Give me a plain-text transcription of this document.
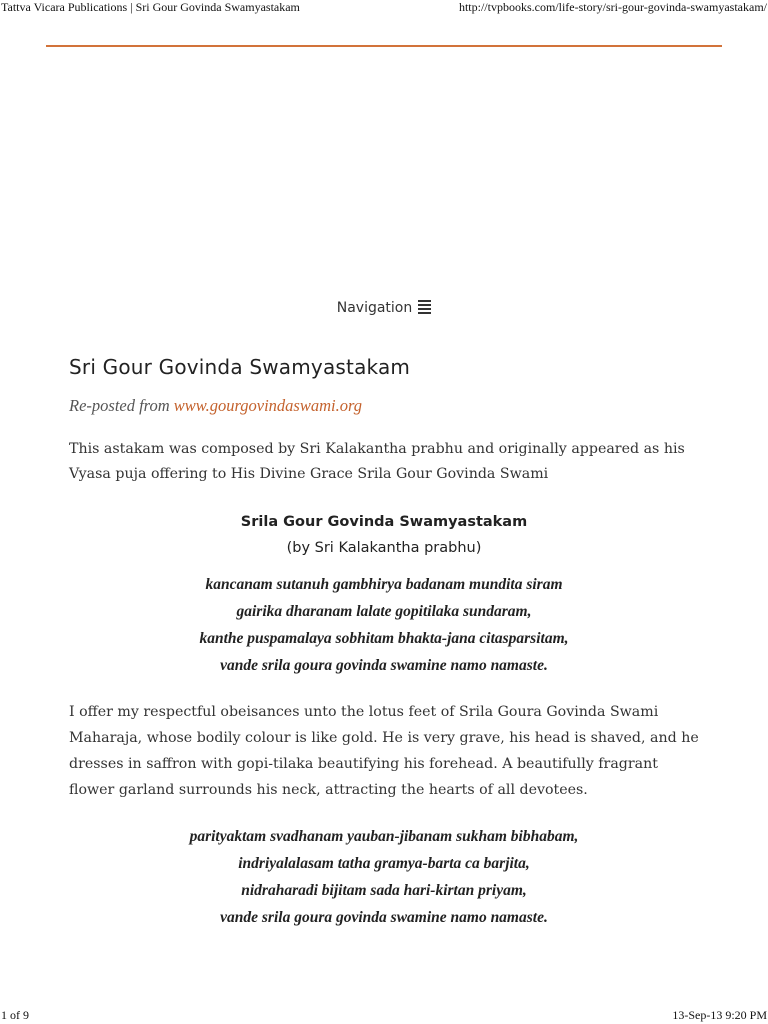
Tattva Vicara Publications | Sri Gour Govinda Swamyastakam	http://tvpbooks.com/life-story/sri-gour-govinda-swamyastakam/
Navigation
Sri Gour Govinda Swamyastakam
Re-posted from www.gourgovindaswami.org
This astakam was composed by Sri Kalakantha prabhu and originally appeared as his Vyasa puja offering to His Divine Grace Srila Gour Govinda Swami
Srila Gour Govinda Swamyastakam
(by Sri Kalakantha prabhu)
kancanam sutanuh gambhirya badanam mundita siram
gairika dharanam lalate gopitilaka sundaram,
kanthe puspamalaya sobhitam bhakta-jana citasparsitam,
vande srila goura govinda swamine namo namaste.
I offer my respectful obeisances unto the lotus feet of Srila Goura Govinda Swami Maharaja, whose bodily colour is like gold. He is very grave, his head is shaved, and he dresses in saffron with gopi-tilaka beautifying his forehead. A beautifully fragrant flower garland surrounds his neck, attracting the hearts of all devotees.
parityaktam svadhanam yauban-jibanam sukham bibhabam,
indriyalalasam tatha gramya-barta ca barjita,
nidraharadi bijitam sada hari-kirtan priyam,
vande srila goura govinda swamine namo namaste.
1 of 9	13-Sep-13 9:20 PM
